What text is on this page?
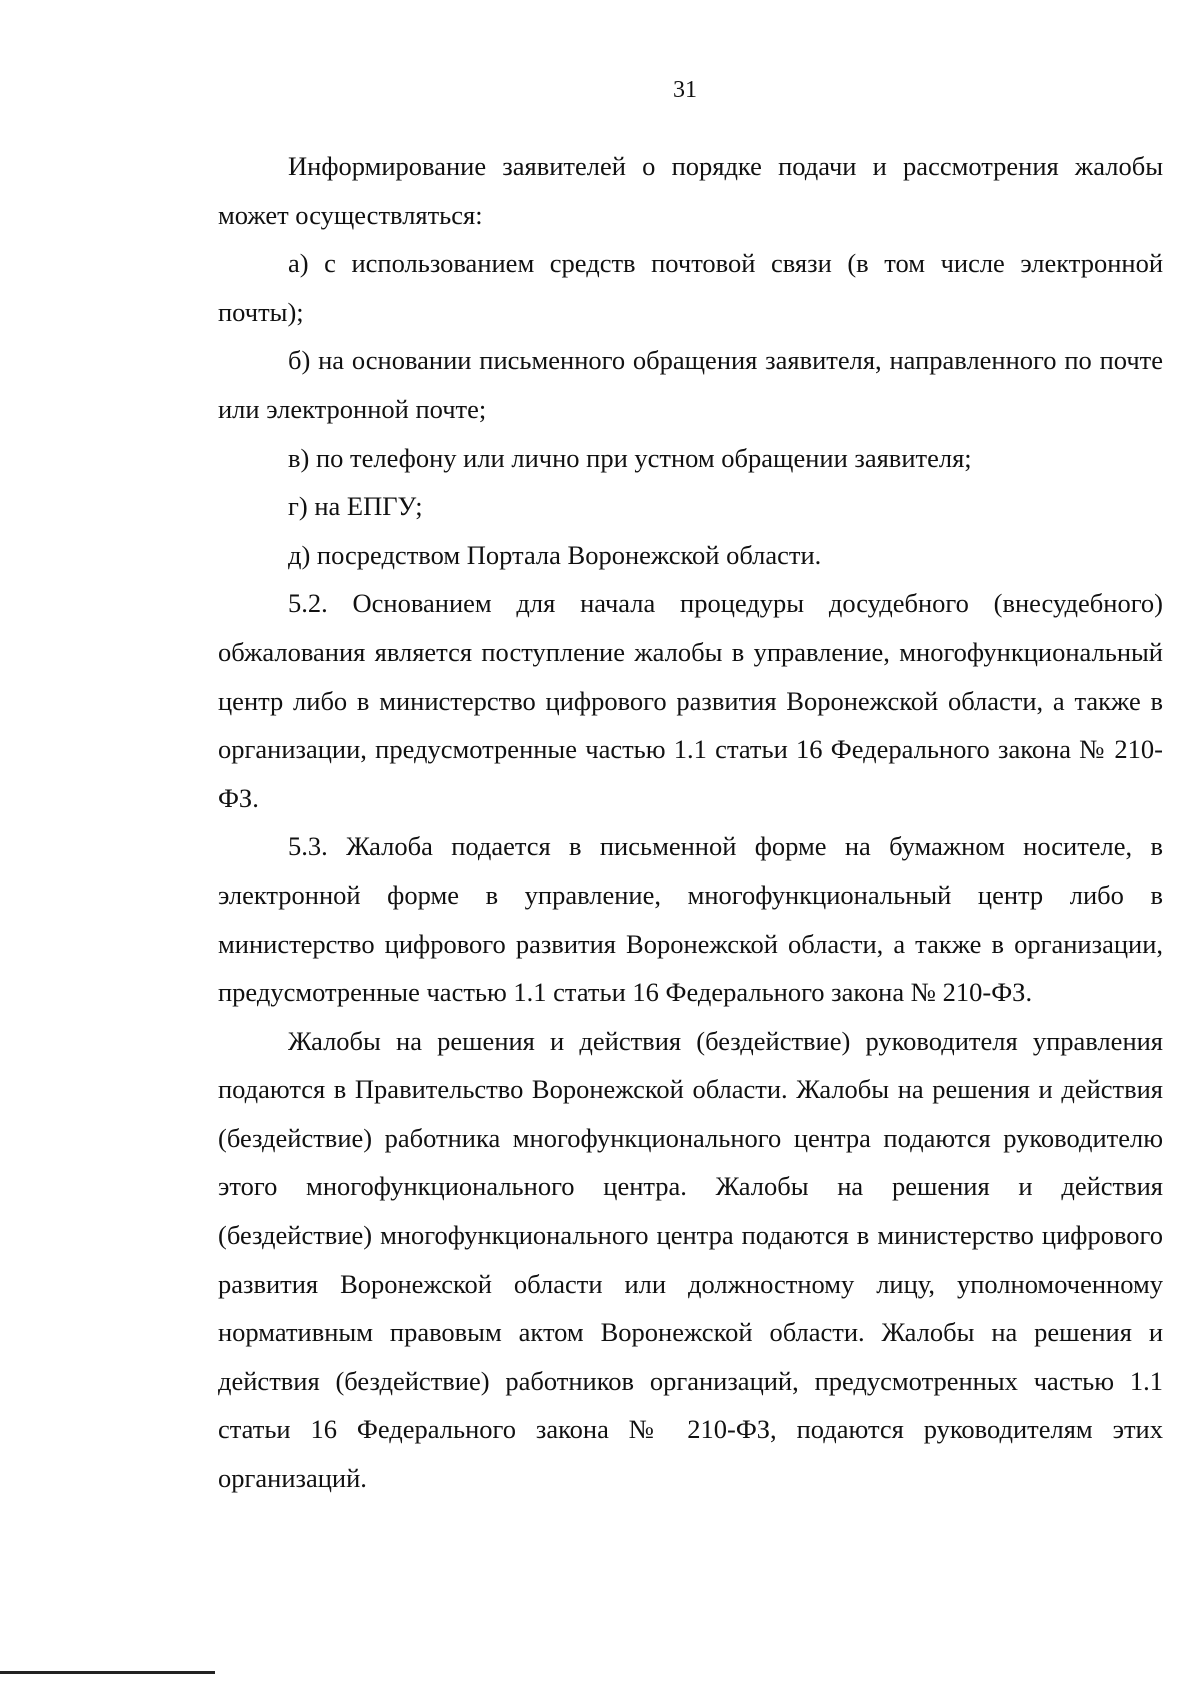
31

Информирование заявителей о порядке подачи и рассмотрения жалобы может осуществляться:

а) с использованием средств почтовой связи (в том числе электронной почты);

б) на основании письменного обращения заявителя, направленного по почте или электронной почте;

в) по телефону или лично при устном обращении заявителя;

г) на ЕПГУ;

д) посредством Портала Воронежской области.

5.2. Основанием для начала процедуры досудебного (внесудебного) обжалования является поступление жалобы в управление, многофункциональный центр либо в министерство цифрового развития Воронежской области, а также в организации, предусмотренные частью 1.1 статьи 16 Федерального закона № 210-ФЗ.

5.3. Жалоба подается в письменной форме на бумажном носителе, в электронной форме в управление, многофункциональный центр либо в министерство цифрового развития Воронежской области, а также в организации, предусмотренные частью 1.1 статьи 16 Федерального закона № 210-ФЗ.

Жалобы на решения и действия (бездействие) руководителя управления подаются в Правительство Воронежской области. Жалобы на решения и действия (бездействие) работника многофункционального центра подаются руководителю этого многофункционального центра. Жалобы на решения и действия (бездействие) многофункционального центра подаются в министерство цифрового развития Воронежской области или должностному лицу, уполномоченному нормативным правовым актом Воронежской области. Жалобы на решения и действия (бездействие) работников организаций, предусмотренных частью 1.1 статьи 16 Федерального закона № 210-ФЗ, подаются руководителям этих организаций.
